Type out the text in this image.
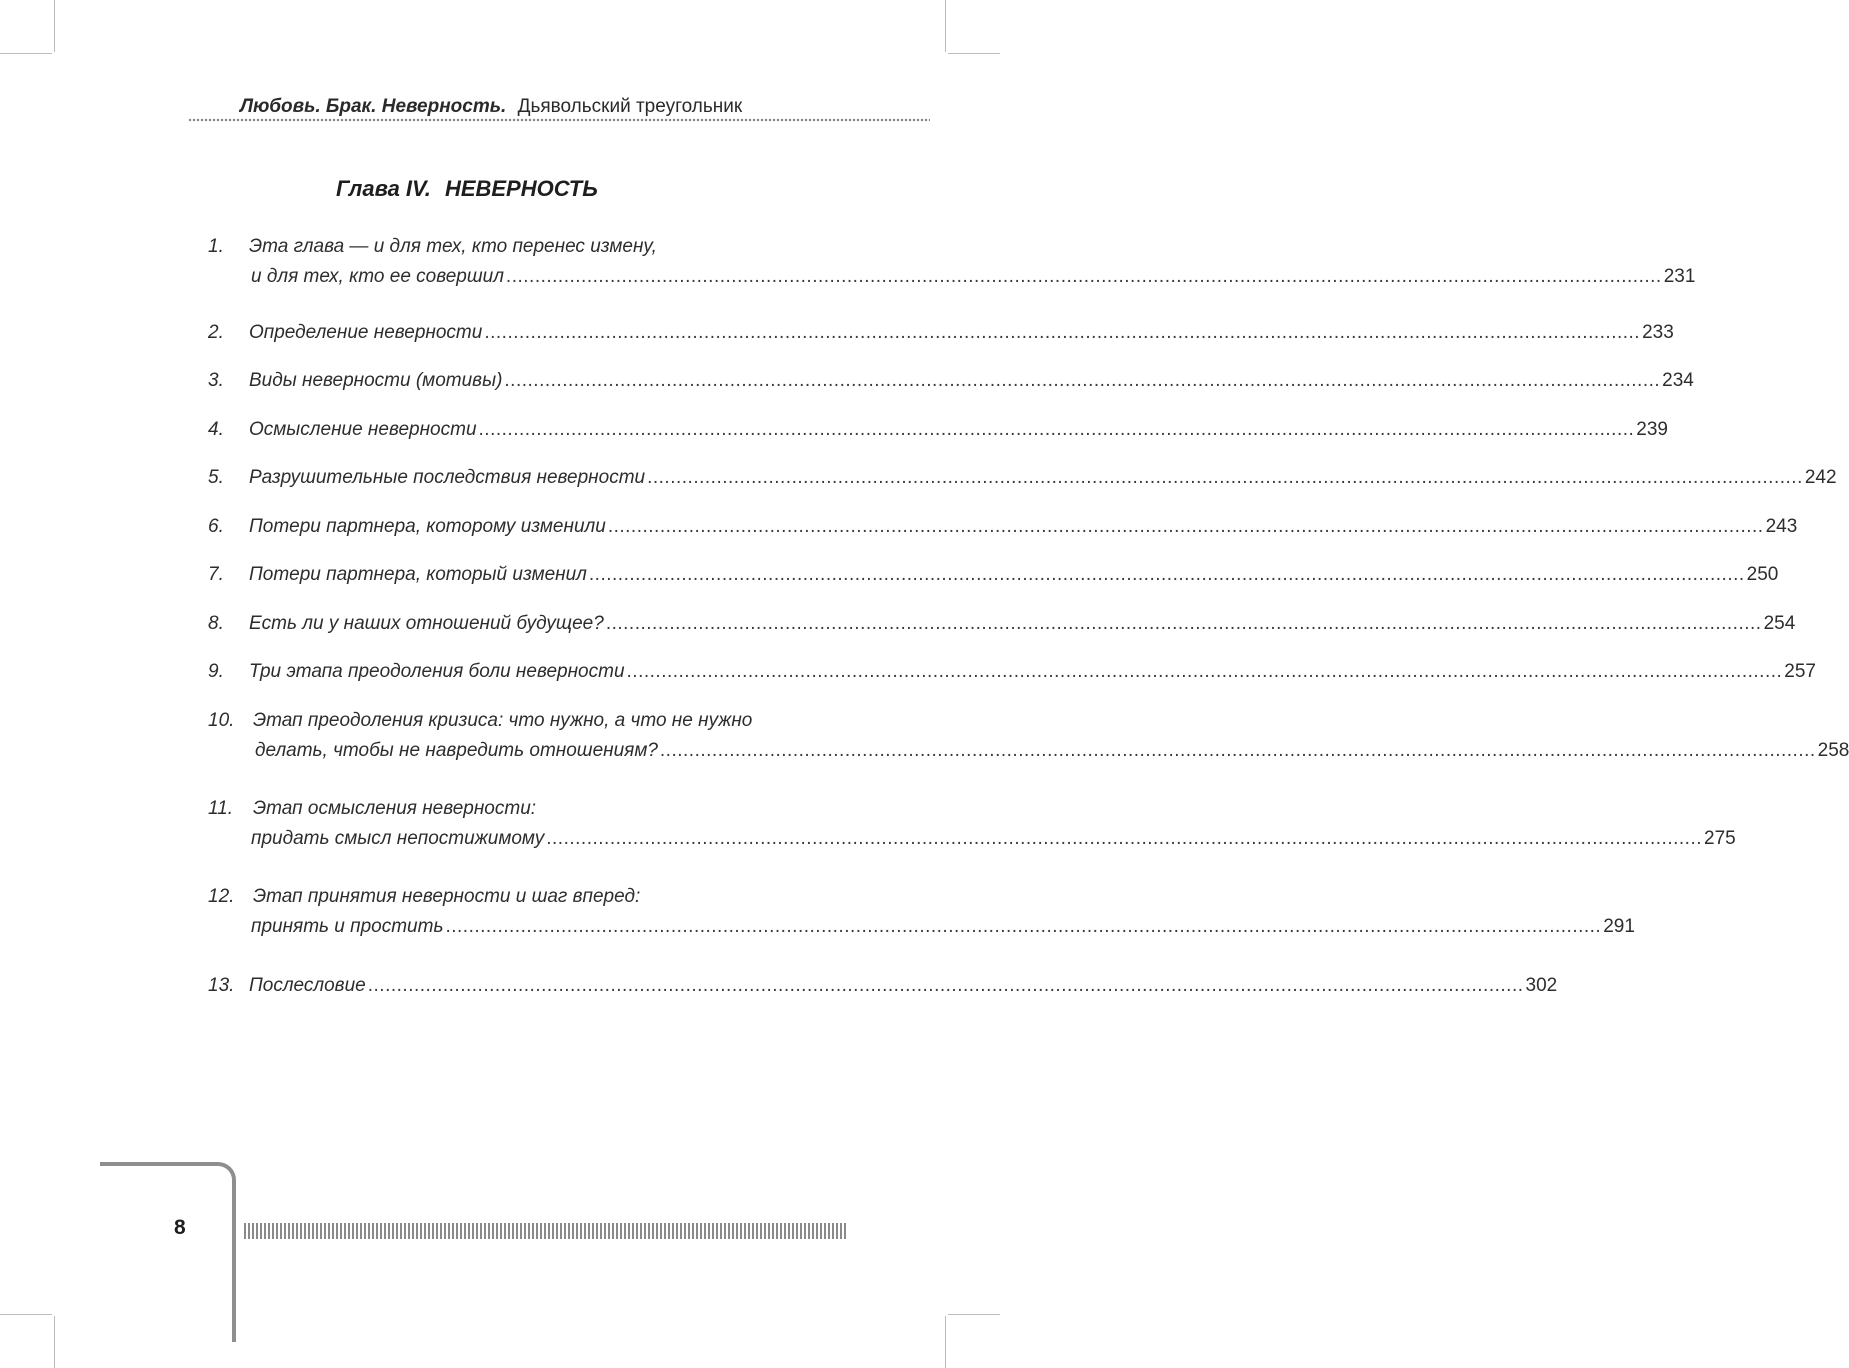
Любовь. Брак. Неверность. Дьявольский треугольник
Глава IV. НЕВЕРНОСТЬ
1. Эта глава — и для тех, кто перенес измену,
и для тех, кто ее совершил ........................................................................................................................................................................................................ 231
2. Определение неверности ........................................................................................................................................................................................................ 233
3. Виды неверности (мотивы) ........................................................................................................................................................................................................ 234
4. Осмысление неверности ........................................................................................................................................................................................................ 239
5. Разрушительные последствия неверности ........................................................................................................................................................................................................ 242
6. Потери партнера, которому изменили ........................................................................................................................................................................................................ 243
7. Потери партнера, который изменил ........................................................................................................................................................................................................ 250
8. Есть ли у наших отношений будущее? ........................................................................................................................................................................................................ 254
9. Три этапа преодоления боли неверности ........................................................................................................................................................................................................ 257
10. Этап преодоления кризиса: что нужно, а что не нужно
делать, чтобы не навредить отношениям? ........................................................................................................................................................................................................ 258
11. Этап осмысления неверности:
придать смысл непостижимому ........................................................................................................................................................................................................ 275
12. Этап принятия неверности и шаг вперед:
принять и простить ........................................................................................................................................................................................................ 291
13. Послесловие ........................................................................................................................................................................................................ 302
8
